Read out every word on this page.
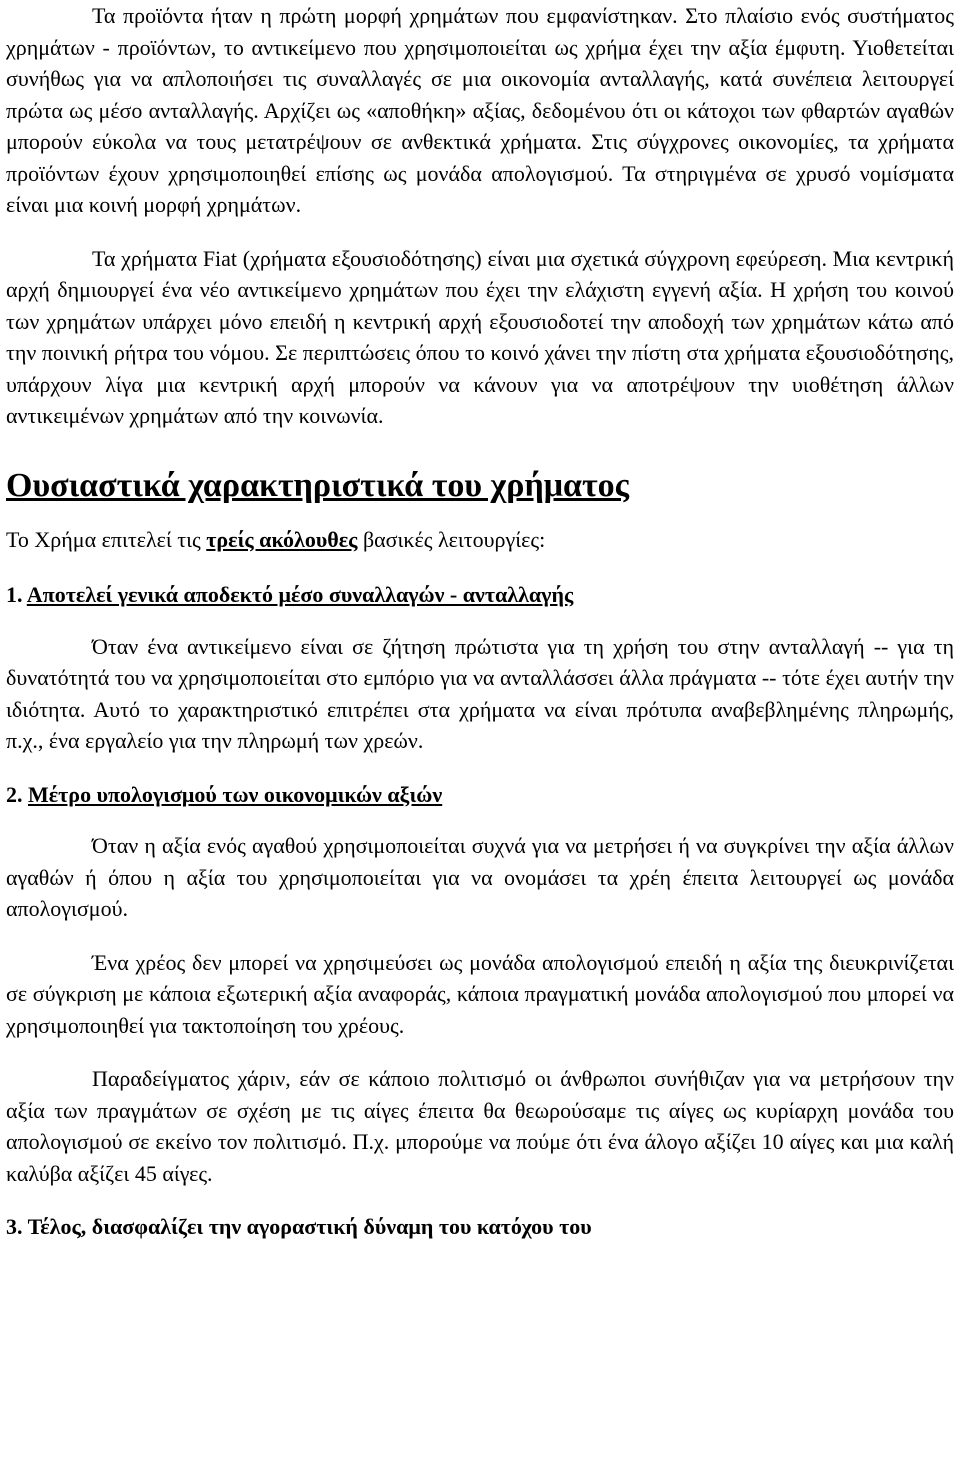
Τα προϊόντα ήταν η πρώτη μορφή χρημάτων που εμφανίστηκαν. Στο πλαίσιο ενός συστήματος χρημάτων - προϊόντων, το αντικείμενο που χρησιμοποιείται ως χρήμα έχει την αξία έμφυτη. Υιοθετείται συνήθως για να απλοποιήσει τις συναλλαγές σε μια οικονομία ανταλλαγής, κατά συνέπεια λειτουργεί πρώτα ως μέσο ανταλλαγής. Αρχίζει ως «αποθήκη» αξίας, δεδομένου ότι οι κάτοχοι των φθαρτών αγαθών μπορούν εύκολα να τους μετατρέψουν σε ανθεκτικά χρήματα. Στις σύγχρονες οικονομίες, τα χρήματα προϊόντων έχουν χρησιμοποιηθεί επίσης ως μονάδα απολογισμού. Τα στηριγμένα σε χρυσό νομίσματα είναι μια κοινή μορφή χρημάτων.

Τα χρήματα Fiat (χρήματα εξουσιοδότησης) είναι μια σχετικά σύγχρονη εφεύρεση. Μια κεντρική αρχή δημιουργεί ένα νέο αντικείμενο χρημάτων που έχει την ελάχιστη εγγενή αξία. Η χρήση του κοινού των χρημάτων υπάρχει μόνο επειδή η κεντρική αρχή εξουσιοδοτεί την αποδοχή των χρημάτων κάτω από την ποινική ρήτρα του νόμου. Σε περιπτώσεις όπου το κοινό χάνει την πίστη στα χρήματα εξουσιοδότησης, υπάρχουν λίγα μια κεντρική αρχή μπορούν να κάνουν για να αποτρέψουν την υιοθέτηση άλλων αντικειμένων χρημάτων από την κοινωνία.

Ουσιαστικά χαρακτηριστικά του χρήματος

Το Χρήμα επιτελεί τις τρείς ακόλουθες βασικές λειτουργίες:

1. Αποτελεί γενικά αποδεκτό μέσο συναλλαγών - ανταλλαγής

Όταν ένα αντικείμενο είναι σε ζήτηση πρώτιστα για τη χρήση του στην ανταλλαγή -- για τη δυνατότητά του να χρησιμοποιείται στο εμπόριο για να ανταλλάσσει άλλα πράγματα -- τότε έχει αυτήν την ιδιότητα. Αυτό το χαρακτηριστικό επιτρέπει στα χρήματα να είναι πρότυπα αναβεβλημένης πληρωμής, π.χ., ένα εργαλείο για την πληρωμή των χρεών.

2. Μέτρο υπολογισμού των οικονομικών αξιών

Όταν η αξία ενός αγαθού χρησιμοποιείται συχνά για να μετρήσει ή να συγκρίνει την αξία άλλων αγαθών ή όπου η αξία του χρησιμοποιείται για να ονομάσει τα χρέη έπειτα λειτουργεί ως μονάδα απολογισμού.

Ένα χρέος δεν μπορεί να χρησιμεύσει ως μονάδα απολογισμού επειδή η αξία της διευκρινίζεται σε σύγκριση με κάποια εξωτερική αξία αναφοράς, κάποια πραγματική μονάδα απολογισμού που μπορεί να χρησιμοποιηθεί για τακτοποίηση του χρέους.

Παραδείγματος χάριν, εάν σε κάποιο πολιτισμό οι άνθρωποι συνήθιζαν για να μετρήσουν την αξία των πραγμάτων σε σχέση με τις αίγες έπειτα θα θεωρούσαμε τις αίγες ως κυρίαρχη μονάδα του απολογισμού σε εκείνο τον πολιτισμό. Π.χ. μπορούμε να πούμε ότι ένα άλογο αξίζει 10 αίγες και μια καλή καλύβα αξίζει 45 αίγες.

3. Τέλος, διασφαλίζει την αγοραστική δύναμη του κατόχου του
